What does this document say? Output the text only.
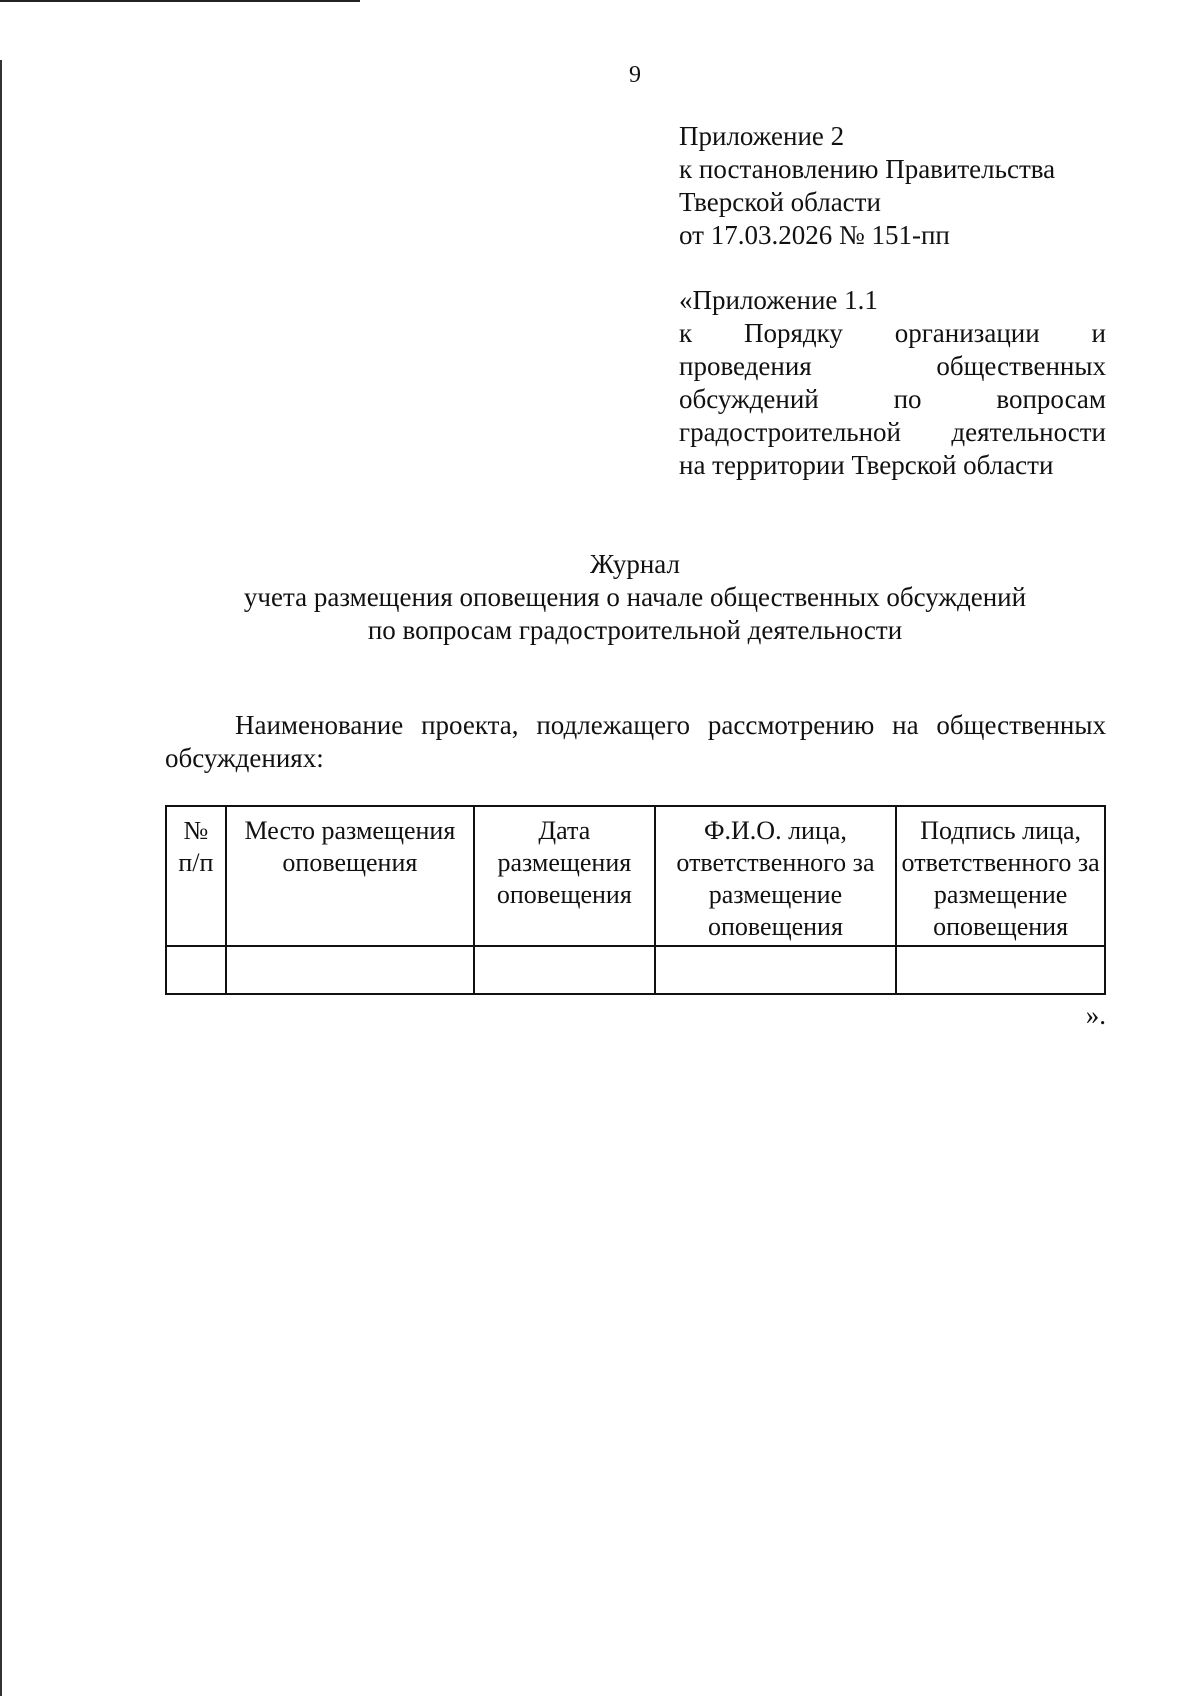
9
Приложение 2
к постановлению Правительства
Тверской области
от 17.03.2026 № 151-пп
«Приложение 1.1
к Порядку организации и проведения общественных обсуждений по вопросам градостроительной деятельности
на территории Тверской области
Журнал
учета размещения оповещения о начале общественных обсуждений
по вопросам градостроительной деятельности
Наименование проекта, подлежащего рассмотрению на общественных обсуждениях:
№ п/п	Место размещения оповещения	Дата размещения оповещения	Ф.И.О. лица, ответственного за размещение оповещения	Подпись лица, ответственного за размещение оповещения

».
